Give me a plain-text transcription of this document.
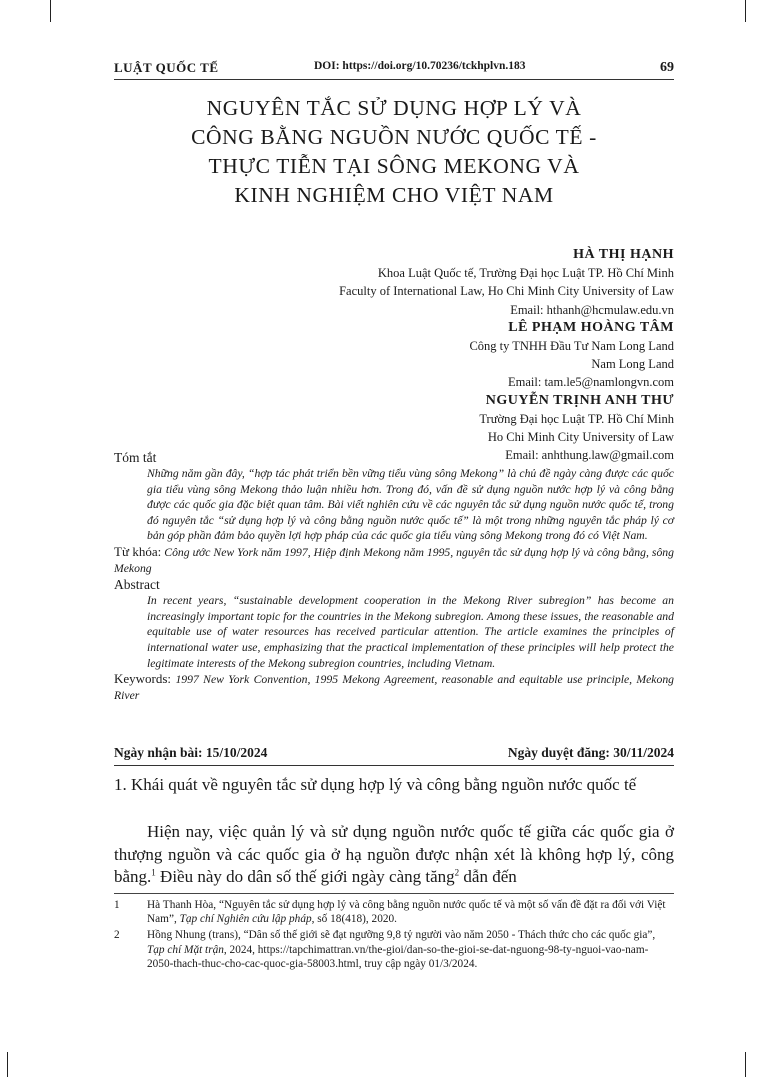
LUẬT QUỐC TẾ	DOI: https://doi.org/10.70236/tckhplvn.183	69
NGUYÊN TẮC SỬ DỤNG HỢP LÝ VÀ
CÔNG BẰNG NGUỒN NƯỚC QUỐC TẾ -
THỰC TIỄN TẠI SÔNG MEKONG VÀ
KINH NGHIỆM CHO VIỆT NAM
HÀ THỊ HẠNH
Khoa Luật Quốc tế, Trường Đại học Luật TP. Hồ Chí Minh
Faculty of International Law, Ho Chi Minh City University of Law
Email: hthanh@hcmulaw.edu.vn
LÊ PHẠM HOÀNG TÂM
Công ty TNHH Đầu Tư Nam Long Land
Nam Long Land
Email: tam.le5@namlongvn.com
NGUYỄN TRỊNH ANH THƯ
Trường Đại học Luật TP. Hồ Chí Minh
Ho Chi Minh City University of Law
Email: anhthung.law@gmail.com
Tóm tắt
Những năm gần đây, “hợp tác phát triển bền vững tiểu vùng sông Mekong” là chủ đề ngày càng được các quốc gia tiểu vùng sông Mekong thảo luận nhiều hơn. Trong đó, vấn đề sử dụng nguồn nước hợp lý và công bằng được các quốc gia đặc biệt quan tâm. Bài viết nghiên cứu về các nguyên tắc sử dụng nguồn nước quốc tế, trong đó nguyên tắc “sử dụng hợp lý và công bằng nguồn nước quốc tế” là một trong những nguyên tắc pháp lý cơ bản góp phần đảm bảo quyền lợi hợp pháp của các quốc gia tiểu vùng sông Mekong trong đó có Việt Nam.
Từ khóa: Công ước New York năm 1997, Hiệp định Mekong năm 1995, nguyên tắc sử dụng hợp lý và công bằng, sông Mekong
Abstract
In recent years, “sustainable development cooperation in the Mekong River subregion” has become an increasingly important topic for the countries in the Mekong subregion. Among these issues, the reasonable and equitable use of water resources has received particular attention. The article examines the principles of international water use, emphasizing that the practical implementation of these principles will help protect the legitimate interests of the Mekong subregion countries, including Vietnam.
Keywords: 1997 New York Convention, 1995 Mekong Agreement, reasonable and equitable use principle, Mekong River
Ngày nhận bài: 15/10/2024	Ngày duyệt đăng: 30/11/2024
1. Khái quát về nguyên tắc sử dụng hợp lý và công bằng nguồn nước quốc tế
Hiện nay, việc quản lý và sử dụng nguồn nước quốc tế giữa các quốc gia ở thượng nguồn và các quốc gia ở hạ nguồn được nhận xét là không hợp lý, công bằng.$^1$ Điều này do dân số thế giới ngày càng tăng$^2$ dẫn đến
1 Hà Thanh Hòa, “Nguyên tắc sử dụng hợp lý và công bằng nguồn nước quốc tế và một số vấn đề đặt ra đối với Việt Nam”, Tạp chí Nghiên cứu lập pháp, số 18(418), 2020.
2 Hồng Nhung (trans), “Dân số thế giới sẽ đạt ngưỡng 9,8 tỷ người vào năm 2050 - Thách thức cho các quốc gia”, Tạp chí Mặt trận, 2024, https://tapchimattran.vn/the-gioi/dan-so-the-gioi-se-dat-nguong-98-ty-nguoi-vao-nam-2050-thach-thuc-cho-cac-quoc-gia-58003.html, truy cập ngày 01/3/2024.
